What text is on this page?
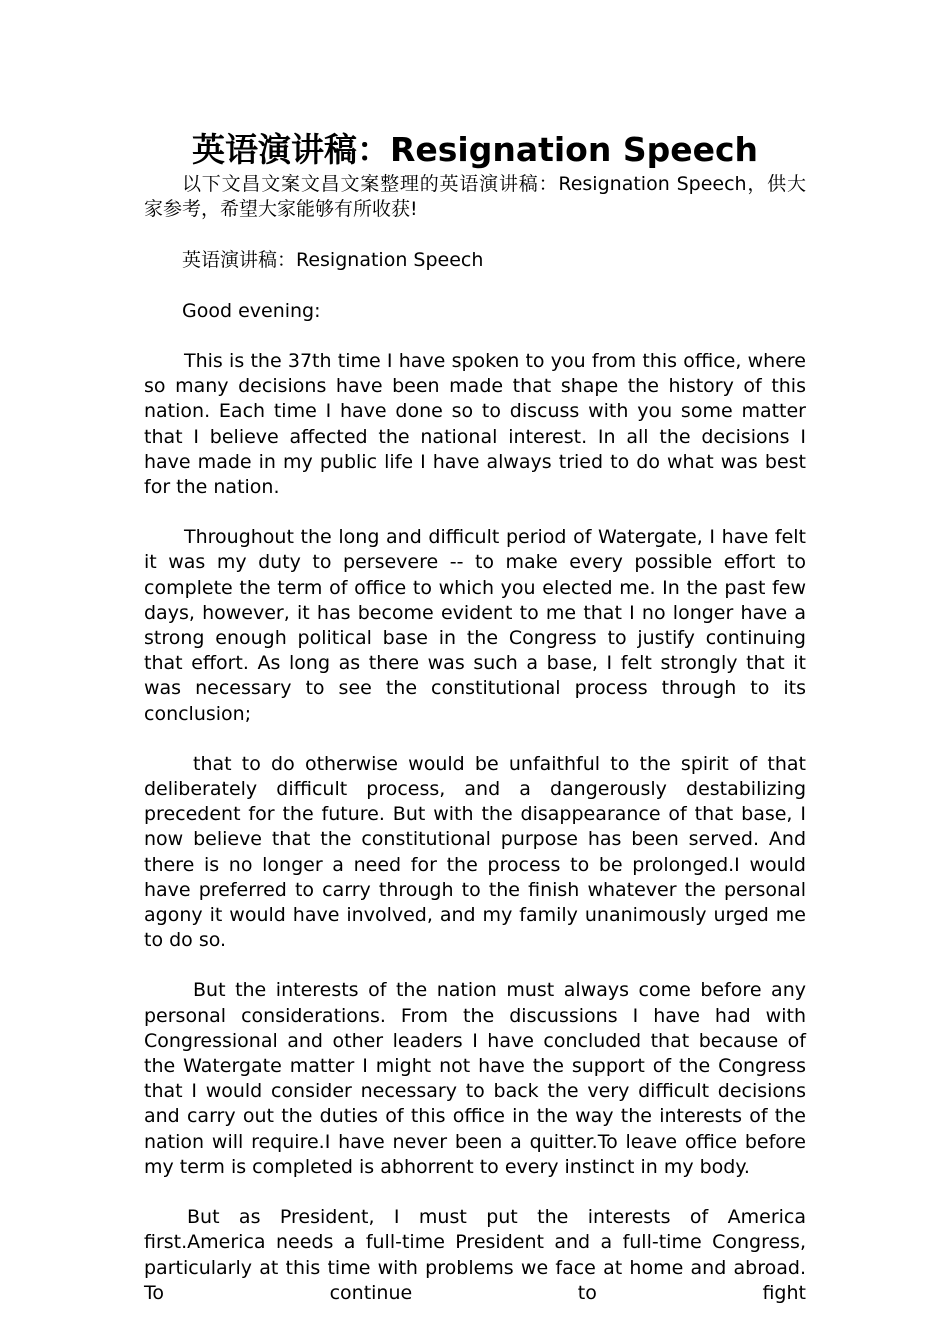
英语演讲稿：Resignation Speech

以下文昌文案文昌文案整理的英语演讲稿：Resignation Speech，供大家参考，希望大家能够有所收获!

英语演讲稿：Resignation Speech

Good evening:

This is the 37th time I have spoken to you from this office, where so many decisions have been made that shape the history of this nation. Each time I have done so to discuss with you some matter that I believe affected the national interest. In all the decisions I have made in my public life I have always tried to do what was best for the nation.

Throughout the long and difficult period of Watergate, I have felt it was my duty to persevere -- to make every possible effort to complete the term of office to which you elected me. In the past few days, however, it has become evident to me that I no longer have a strong enough political base in the Congress to justify continuing that effort. As long as there was such a base, I felt strongly that it was necessary to see the constitutional process through to its conclusion;

that to do otherwise would be unfaithful to the spirit of that deliberately difficult process, and a dangerously destabilizing precedent for the future. But with the disappearance of that base, I now believe that the constitutional purpose has been served. And there is no longer a need for the process to be prolonged.I would have preferred to carry through to the finish whatever the personal agony it would have involved, and my family unanimously urged me to do so.

But the interests of the nation must always come before any personal considerations. From the discussions I have had with Congressional and other leaders I have concluded that because of the Watergate matter I might not have the support of the Congress that I would consider necessary to back the very difficult decisions and carry out the duties of this office in the way the interests of the nation will require.I have never been a quitter.To leave office before my term is completed is abhorrent to every instinct in my body.

But as President, I must put the interests of America first.America needs a full-time President and a full-time Congress, particularly at this time with problems we face at home and abroad. To continue to fight
